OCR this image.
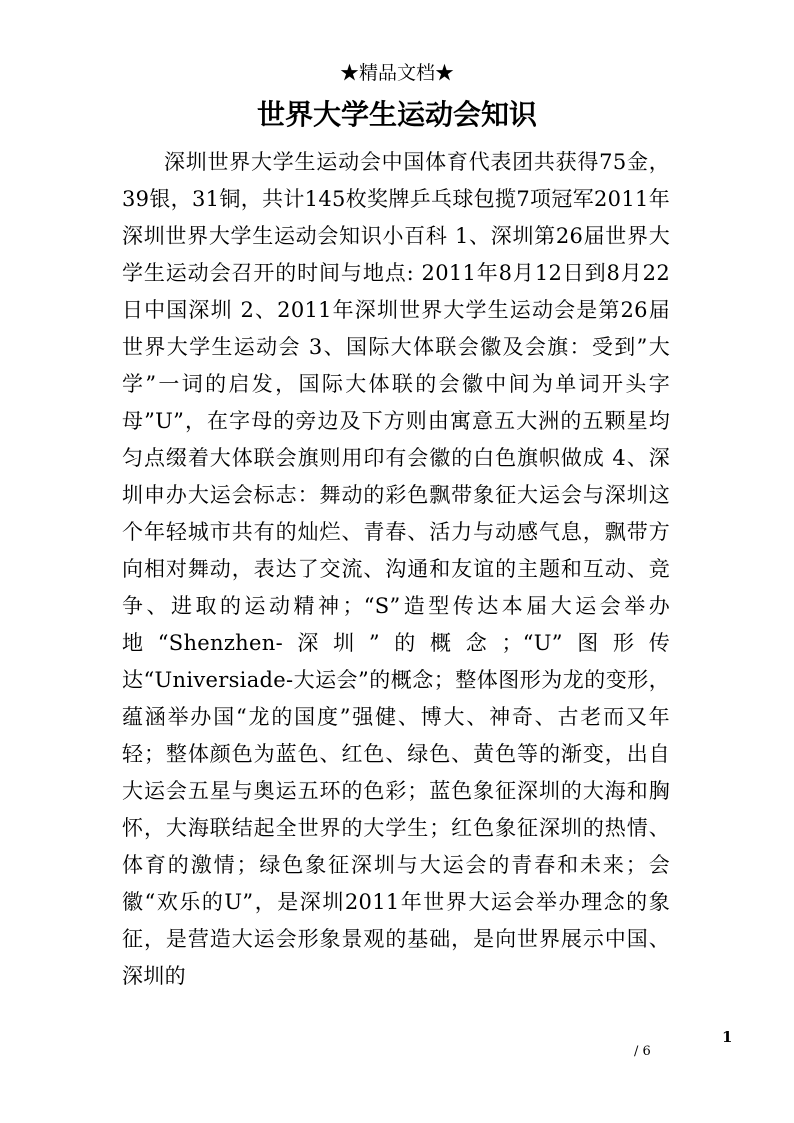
★精品文档★
世界大学生运动会知识

深圳世界大学生运动会中国体育代表团共获得75金，39银，31铜，共计145枚奖牌乒乓球包揽7项冠军2011年深圳世界大学生运动会知识小百科 1、深圳第26届世界大学生运动会召开的时间与地点: 2011年8月12日到8月22日中国深圳 2、2011年深圳世界大学生运动会是第26届世界大学生运动会 3、国际大体联会徽及会旗：受到”大学”一词的启发，国际大体联的会徽中间为单词开头字母”U”，在字母的旁边及下方则由寓意五大洲的五颗星均匀点缀着大体联会旗则用印有会徽的白色旗帜做成 4、深圳申办大运会标志：舞动的彩色飘带象征大运会与深圳这个年轻城市共有的灿烂、青春、活力与动感气息，飘带方向相对舞动，表达了交流、沟通和友谊的主题和互动、竞争、进取的运动精神；“S”造型传达本届大运会举办地“Shenzhen-深圳”的概念；“U”图形传达“Universiade-大运会”的概念；整体图形为龙的变形，蕴涵举办国“龙的国度”强健、博大、神奇、古老而又年轻；整体颜色为蓝色、红色、绿色、黄色等的渐变，出自大运会五星与奥运五环的色彩；蓝色象征深圳的大海和胸怀，大海联结起全世界的大学生；红色象征深圳的热情、体育的激情；绿色象征深圳与大运会的青春和未来；会徽“欢乐的U”，是深圳2011年世界大运会举办理念的象征，是营造大运会形象景观的基础，是向世界展示中国、深圳的

1
/ 6
